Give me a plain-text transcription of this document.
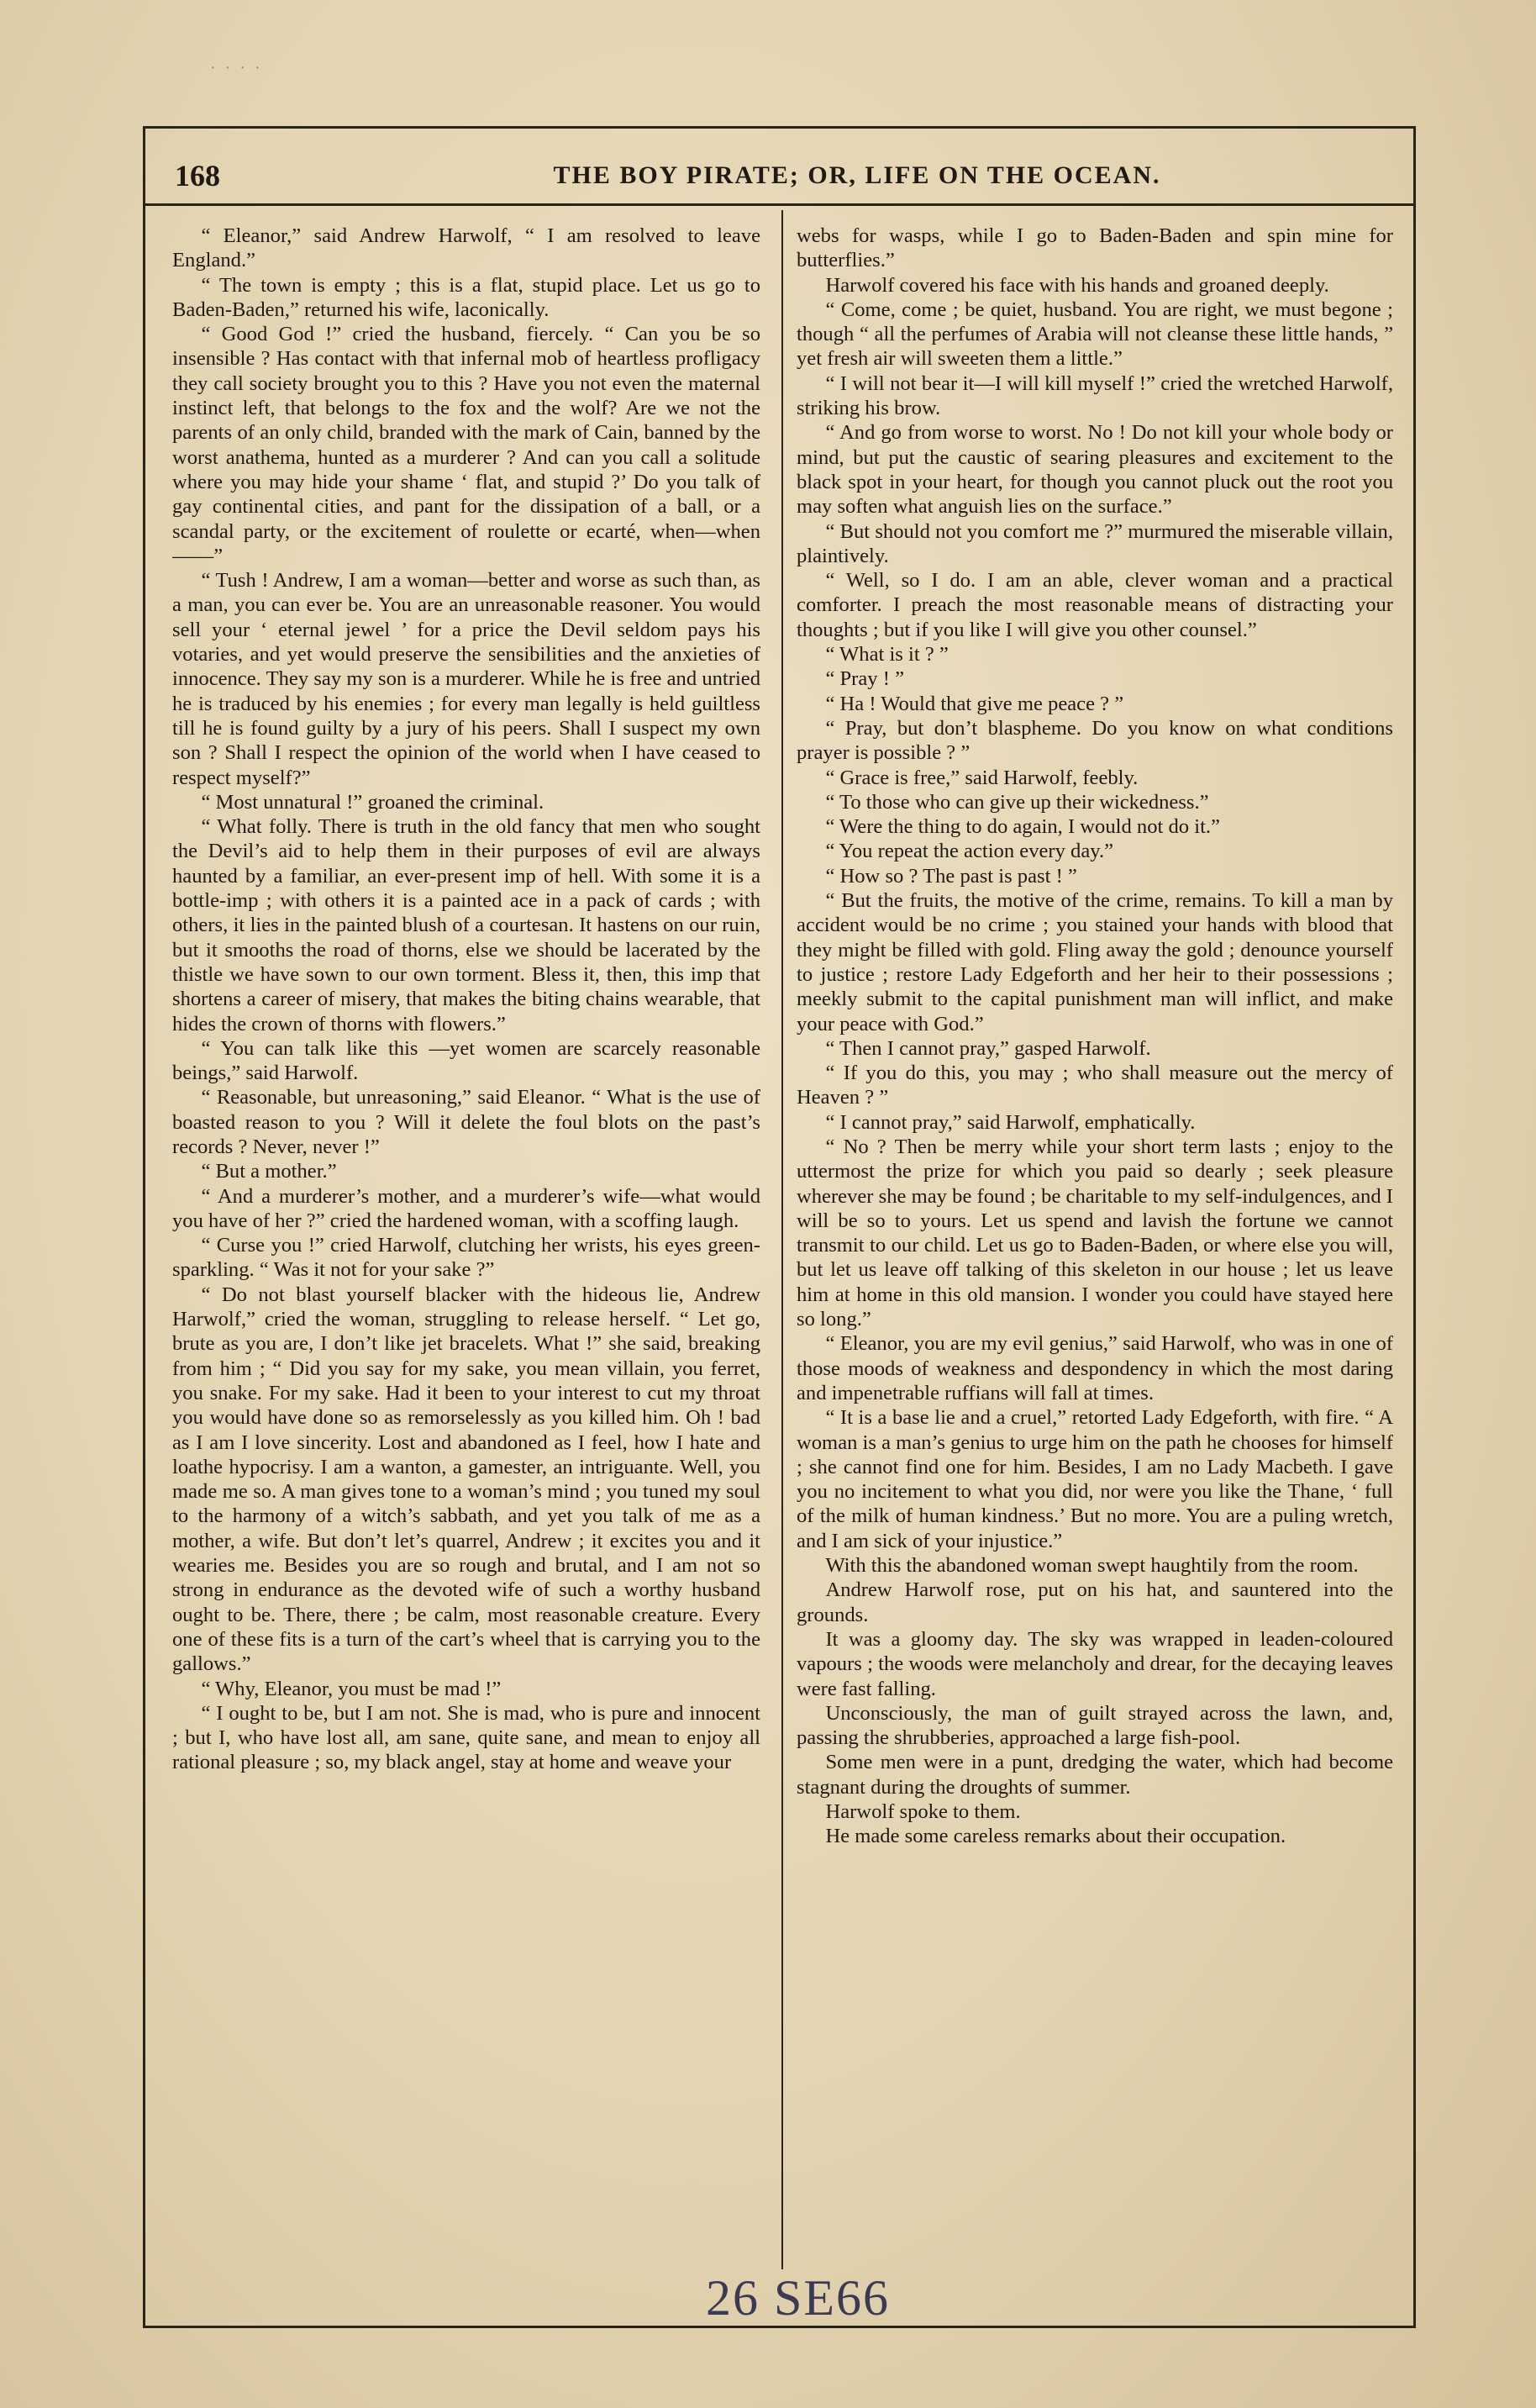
· · · ·
168	THE BOY PIRATE; OR, LIFE ON THE OCEAN.

“ Eleanor,” said Andrew Harwolf, “ I am resolved to leave England.”

“ The town is empty ; this is a flat, stupid place. Let us go to Baden-Baden,” returned his wife, laconically.

“ Good God !” cried the husband, fiercely. “ Can you be so insensible ? Has contact with that infernal mob of heartless profligacy they call society brought you to this ? Have you not even the maternal instinct left, that belongs to the fox and the wolf? Are we not the parents of an only child, branded with the mark of Cain, banned by the worst anathema, hunted as a murderer ? And can you call a solitude where you may hide your shame ‘ flat, and stupid ?’ Do you talk of gay continental cities, and pant for the dissipation of a ball, or a scandal party, or the excitement of roulette or ecarté, when—when——”

“ Tush ! Andrew, I am a woman—better and worse as such than, as a man, you can ever be. You are an unreasonable reasoner. You would sell your ‘ eternal jewel ’ for a price the Devil seldom pays his votaries, and yet would preserve the sensibilities and the anxieties of innocence. They say my son is a murderer. While he is free and untried he is traduced by his enemies ; for every man legally is held guiltless till he is found guilty by a jury of his peers. Shall I suspect my own son ? Shall I respect the opinion of the world when I have ceased to respect myself?”

“ Most unnatural !” groaned the criminal.

“ What folly. There is truth in the old fancy that men who sought the Devil’s aid to help them in their purposes of evil are always haunted by a familiar, an ever-present imp of hell. With some it is a bottle-imp ; with others it is a painted ace in a pack of cards ; with others, it lies in the painted blush of a courtesan. It hastens on our ruin, but it smooths the road of thorns, else we should be lacerated by the thistle we have sown to our own torment. Bless it, then, this imp that shortens a career of misery, that makes the biting chains wearable, that hides the crown of thorns with flowers.”

“ You can talk like this —yet women are scarcely reasonable beings,” said Harwolf.

“ Reasonable, but unreasoning,” said Eleanor. “ What is the use of boasted reason to you ? Will it delete the foul blots on the past’s records ? Never, never !”

“ But a mother.”

“ And a murderer’s mother, and a murderer’s wife—what would you have of her ?” cried the hardened woman, with a scoffing laugh.

“ Curse you !” cried Harwolf, clutching her wrists, his eyes green-sparkling. “ Was it not for your sake ?”

“ Do not blast yourself blacker with the hideous lie, Andrew Harwolf,” cried the woman, struggling to release herself. “ Let go, brute as you are, I don’t like jet bracelets. What !” she said, breaking from him ; “ Did you say for my sake, you mean villain, you ferret, you snake. For my sake. Had it been to your interest to cut my throat you would have done so as remorselessly as you killed him. Oh ! bad as I am I love sincerity. Lost and abandoned as I feel, how I hate and loathe hypocrisy. I am a wanton, a gamester, an intriguante. Well, you made me so. A man gives tone to a woman’s mind ; you tuned my soul to the harmony of a witch’s sabbath, and yet you talk of me as a mother, a wife. But don’t let’s quarrel, Andrew ; it excites you and it wearies me. Besides you are so rough and brutal, and I am not so strong in endurance as the devoted wife of such a worthy husband ought to be. There, there ; be calm, most reasonable creature. Every one of these fits is a turn of the cart’s wheel that is carrying you to the gallows.”

“ Why, Eleanor, you must be mad !”

“ I ought to be, but I am not. She is mad, who is pure and innocent ; but I, who have lost all, am sane, quite sane, and mean to enjoy all rational pleasure ; so, my black angel, stay at home and weave your

webs for wasps, while I go to Baden-Baden and spin mine for butterflies.”

Harwolf covered his face with his hands and groaned deeply.

“ Come, come ; be quiet, husband. You are right, we must begone ; though “ all the perfumes of Arabia will not cleanse these little hands, ” yet fresh air will sweeten them a little.”

“ I will not bear it—I will kill myself !” cried the wretched Harwolf, striking his brow.

“ And go from worse to worst. No ! Do not kill your whole body or mind, but put the caustic of searing pleasures and excitement to the black spot in your heart, for though you cannot pluck out the root you may soften what anguish lies on the surface.”

“ But should not you comfort me ?” murmured the miserable villain, plaintively.

“ Well, so I do. I am an able, clever woman and a practical comforter. I preach the most reasonable means of distracting your thoughts ; but if you like I will give you other counsel.”

“ What is it ? ”

“ Pray ! ”

“ Ha ! Would that give me peace ? ”

“ Pray, but don’t blaspheme. Do you know on what conditions prayer is possible ? ”

“ Grace is free,” said Harwolf, feebly.

“ To those who can give up their wickedness.”

“ Were the thing to do again, I would not do it.”

“ You repeat the action every day.”

“ How so ? The past is past ! ”

“ But the fruits, the motive of the crime, remains. To kill a man by accident would be no crime ; you stained your hands with blood that they might be filled with gold. Fling away the gold ; denounce yourself to justice ; restore Lady Edgeforth and her heir to their possessions ; meekly submit to the capital punishment man will inflict, and make your peace with God.”

“ Then I cannot pray,” gasped Harwolf.

“ If you do this, you may ; who shall measure out the mercy of Heaven ? ”

“ I cannot pray,” said Harwolf, emphatically.

“ No ? Then be merry while your short term lasts ; enjoy to the uttermost the prize for which you paid so dearly ; seek pleasure wherever she may be found ; be charitable to my self-indulgences, and I will be so to yours. Let us spend and lavish the fortune we cannot transmit to our child. Let us go to Baden-Baden, or where else you will, but let us leave off talking of this skeleton in our house ; let us leave him at home in this old mansion. I wonder you could have stayed here so long.”

“ Eleanor, you are my evil genius,” said Harwolf, who was in one of those moods of weakness and despondency in which the most daring and impenetrable ruffians will fall at times.

“ It is a base lie and a cruel,” retorted Lady Edgeforth, with fire. “ A woman is a man’s genius to urge him on the path he chooses for himself ; she cannot find one for him. Besides, I am no Lady Macbeth. I gave you no incitement to what you did, nor were you like the Thane, ‘ full of the milk of human kindness.’ But no more. You are a puling wretch, and I am sick of your injustice.”

With this the abandoned woman swept haughtily from the room.

Andrew Harwolf rose, put on his hat, and sauntered into the grounds.

It was a gloomy day. The sky was wrapped in leaden-coloured vapours ; the woods were melancholy and drear, for the decaying leaves were fast falling.

Unconsciously, the man of guilt strayed across the lawn, and, passing the shrubberies, approached a large fish-pool.

Some men were in a punt, dredging the water, which had become stagnant during the droughts of summer.

Harwolf spoke to them.

He made some careless remarks about their occupation.

26 SE66
